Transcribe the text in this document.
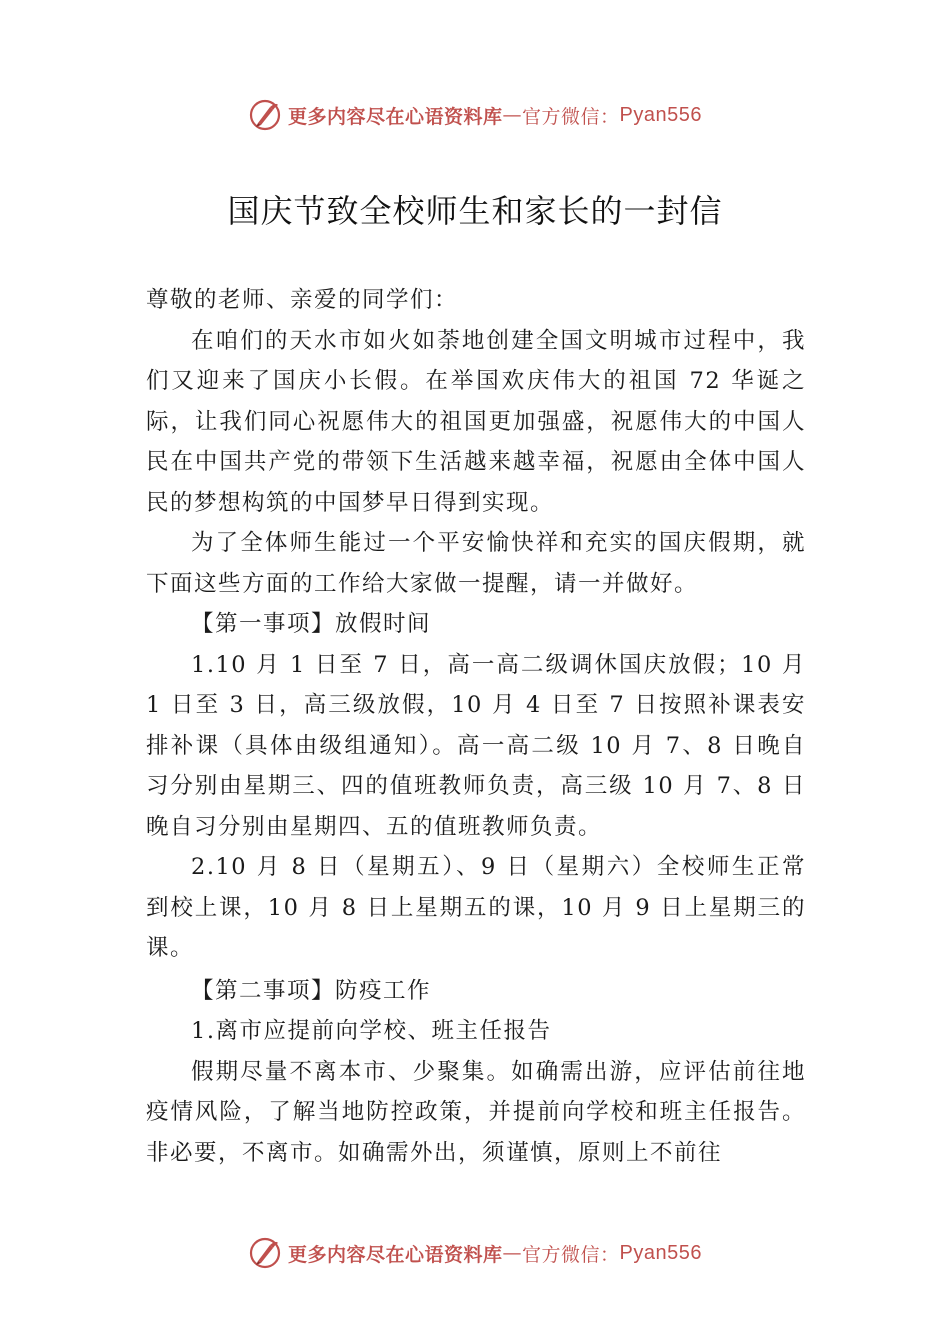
更多内容尽在心语资料库 — 官方微信： Pyan556
国庆节致全校师生和家长的一封信

尊敬的老师、亲爱的同学们：

在咱们的天水市如火如荼地创建全国文明城市过程中，我们又迎来了国庆小长假。在举国欢庆伟大的祖国 72 华诞之际，让我们同心祝愿伟大的祖国更加强盛，祝愿伟大的中国人民在中国共产党的带领下生活越来越幸福，祝愿由全体中国人民的梦想构筑的中国梦早日得到实现。

为了全体师生能过一个平安愉快祥和充实的国庆假期，就下面这些方面的工作给大家做一提醒，请一并做好。

【第一事项】放假时间

1.10 月 1 日至 7 日，高一高二级调休国庆放假；10 月 1 日至 3 日，高三级放假，10 月 4 日至 7 日按照补课表安排补课（具体由级组通知）。高一高二级 10 月 7、8 日晚自习分别由星期三、四的值班教师负责，高三级 10 月 7、8 日晚自习分别由星期四、五的值班教师负责。

2.10 月 8 日（星期五）、9 日（星期六）全校师生正常到校上课，10 月 8 日上星期五的课，10 月 9 日上星期三的课。

【第二事项】防疫工作

1.离市应提前向学校、班主任报告

假期尽量不离本市、少聚集。如确需出游，应评估前往地疫情风险，了解当地防控政策，并提前向学校和班主任报告。非必要，不离市。如确需外出，须谨慎，原则上不前往

更多内容尽在心语资料库 — 官方微信： Pyan556
